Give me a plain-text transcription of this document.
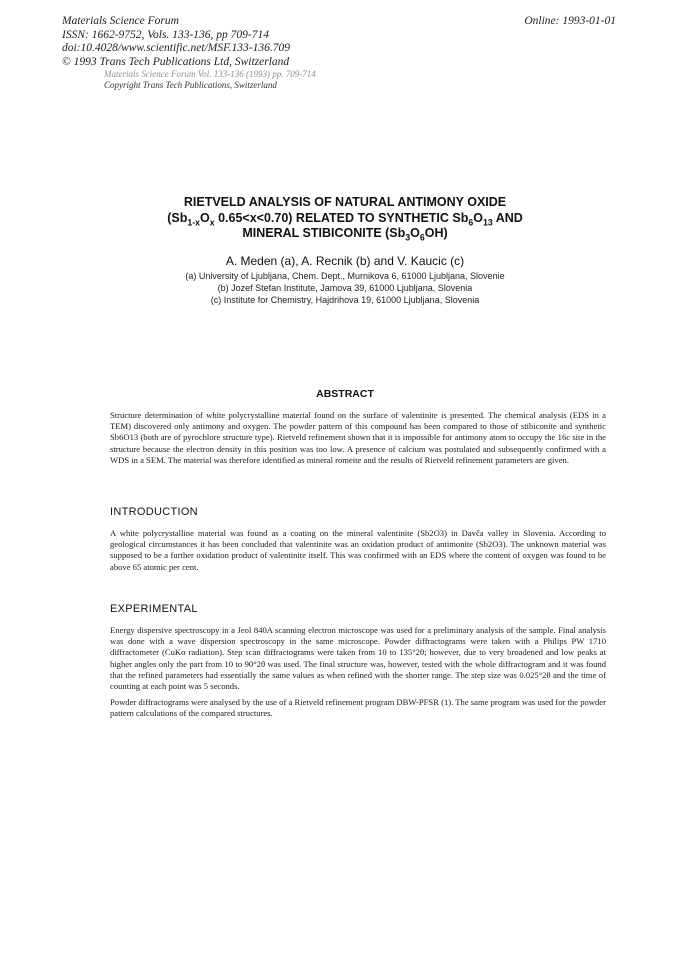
Online: 1993-01-01
Materials Science Forum
ISSN: 1662-9752, Vols. 133-136, pp 709-714
doi:10.4028/www.scientific.net/MSF.133-136.709
© 1993 Trans Tech Publications Ltd, Switzerland
Materials Science Forum Vol. 133-136 (1993) pp. 709-714
Copyright Trans Tech Publications, Switzerland
RIETVELD ANALYSIS OF NATURAL ANTIMONY OXIDE
($Sb_{1-x}O_x$ 0.65<x<0.70) RELATED TO SYNTHETIC $Sb_6O_{13}$ AND
MINERAL STIBICONITE $(Sb_3O_6OH)$
A. Meden (a), A. Recnik (b) and V. Kaucic (c)
(a) University of Ljubljana, Chem. Dept., Murnikova 6, 61000 Ljubljana, Slovenie
(b) Jozef Stefan Institute, Jamova 39, 61000 Ljubljana, Slovenia
(c) Institute for Chemistry, Hajdrihova 19, 61000 Ljubljana, Slovenia
ABSTRACT
Structure determination of white polycrystalline material found on the surface of valentinite is presented. The chemical analysis (EDS in a TEM) discovered only antimony and oxygen. The powder pattern of this compound has been compared to those of stibiconite and synthetic Sb6O13 (both are of pyrochlore structure type). Rietveld refinement shown that it is impossible for antimony atom to occupy the 16c site in the structure because the electron density in this position was too low. A presence of calcium was postulated and subsequently confirmed with a WDS in a SEM. The material was therefore identified as mineral romeite and the results of Rietveld refinement parameters are given.
INTRODUCTION
A white polycrystalline material was found as a coating on the mineral valentinite (Sb2O3) in Davča valley in Slovenia. According to geological circumstances it has been concluded that valentinite was an oxidation product of antimonite (Sb2O3). The unknown material was supposed to be a further oxidation product of valentinite itself. This was confirmed with an EDS where the content of oxygen was found to be above 65 atomic per cent.
EXPERIMENTAL

Energy dispersive spectroscopy in a Jeol 840A scanning electron microscope was used for a preliminary analysis of the sample. Final analysis was done with a wave dispersion spectroscopy in the same microscope. Powder diffractograms were taken with a Philips PW 1710 diffractometer (CuKα radiation). Step scan diffractograms were taken from 10 to 135°2θ; however, due to very broadened and low peaks at higher angles only the part from 10 to 90°2θ was used. The final structure was, however, tested with the whole diffractogram and it was found that the refined parameters had essentially the same values as when refined with the shorter range. The step size was 0.025°2θ and the time of counting at each point was 5 seconds.

Powder diffractograms were analysed by the use of a Rietveld refinement program DBW-PFSR (1). The same program was used for the powder pattern calculations of the compared structures.
